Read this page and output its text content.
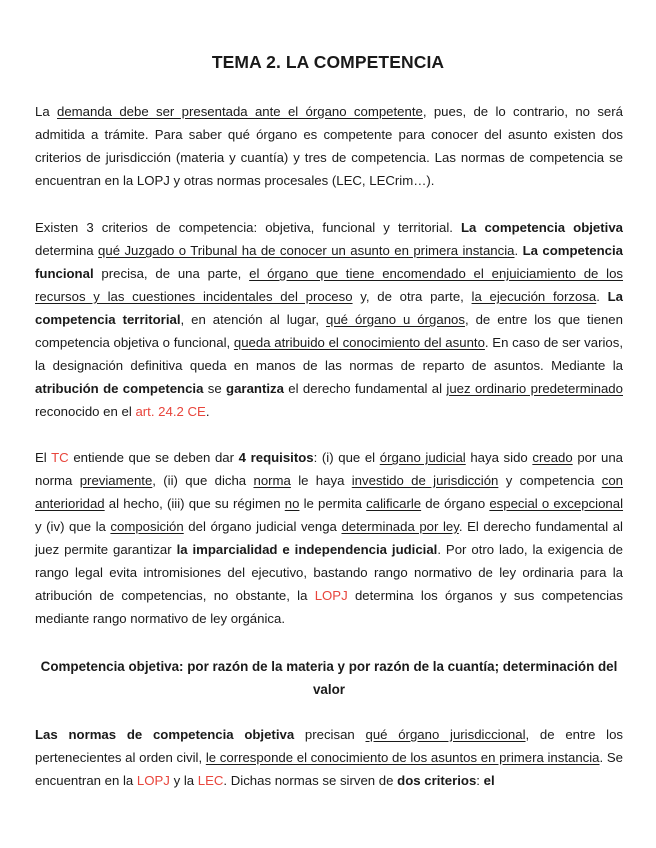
TEMA 2. LA COMPETENCIA
La demanda debe ser presentada ante el órgano competente, pues, de lo contrario, no será admitida a trámite. Para saber qué órgano es competente para conocer del asunto existen dos criterios de jurisdicción (materia y cuantía) y tres de competencia. Las normas de competencia se encuentran en la LOPJ y otras normas procesales (LEC, LECrim…).
Existen 3 criterios de competencia: objetiva, funcional y territorial. La competencia objetiva determina qué Juzgado o Tribunal ha de conocer un asunto en primera instancia. La competencia funcional precisa, de una parte, el órgano que tiene encomendado el enjuiciamiento de los recursos y las cuestiones incidentales del proceso y, de otra parte, la ejecución forzosa. La competencia territorial, en atención al lugar, qué órgano u órganos, de entre los que tienen competencia objetiva o funcional, queda atribuido el conocimiento del asunto. En caso de ser varios, la designación definitiva queda en manos de las normas de reparto de asuntos. Mediante la atribución de competencia se garantiza el derecho fundamental al juez ordinario predeterminado reconocido en el art. 24.2 CE.
El TC entiende que se deben dar 4 requisitos: (i) que el órgano judicial haya sido creado por una norma previamente, (ii) que dicha norma le haya investido de jurisdicción y competencia con anterioridad al hecho, (iii) que su régimen no le permita calificarle de órgano especial o excepcional y (iv) que la composición del órgano judicial venga determinada por ley. El derecho fundamental al juez permite garantizar la imparcialidad e independencia judicial. Por otro lado, la exigencia de rango legal evita intromisiones del ejecutivo, bastando rango normativo de ley ordinaria para la atribución de competencias, no obstante, la LOPJ determina los órganos y sus competencias mediante rango normativo de ley orgánica.
Competencia objetiva: por razón de la materia y por razón de la cuantía; determinación del valor
Las normas de competencia objetiva precisan qué órgano jurisdiccional, de entre los pertenecientes al orden civil, le corresponde el conocimiento de los asuntos en primera instancia. Se encuentran en la LOPJ y la LEC. Dichas normas se sirven de dos criterios: el
